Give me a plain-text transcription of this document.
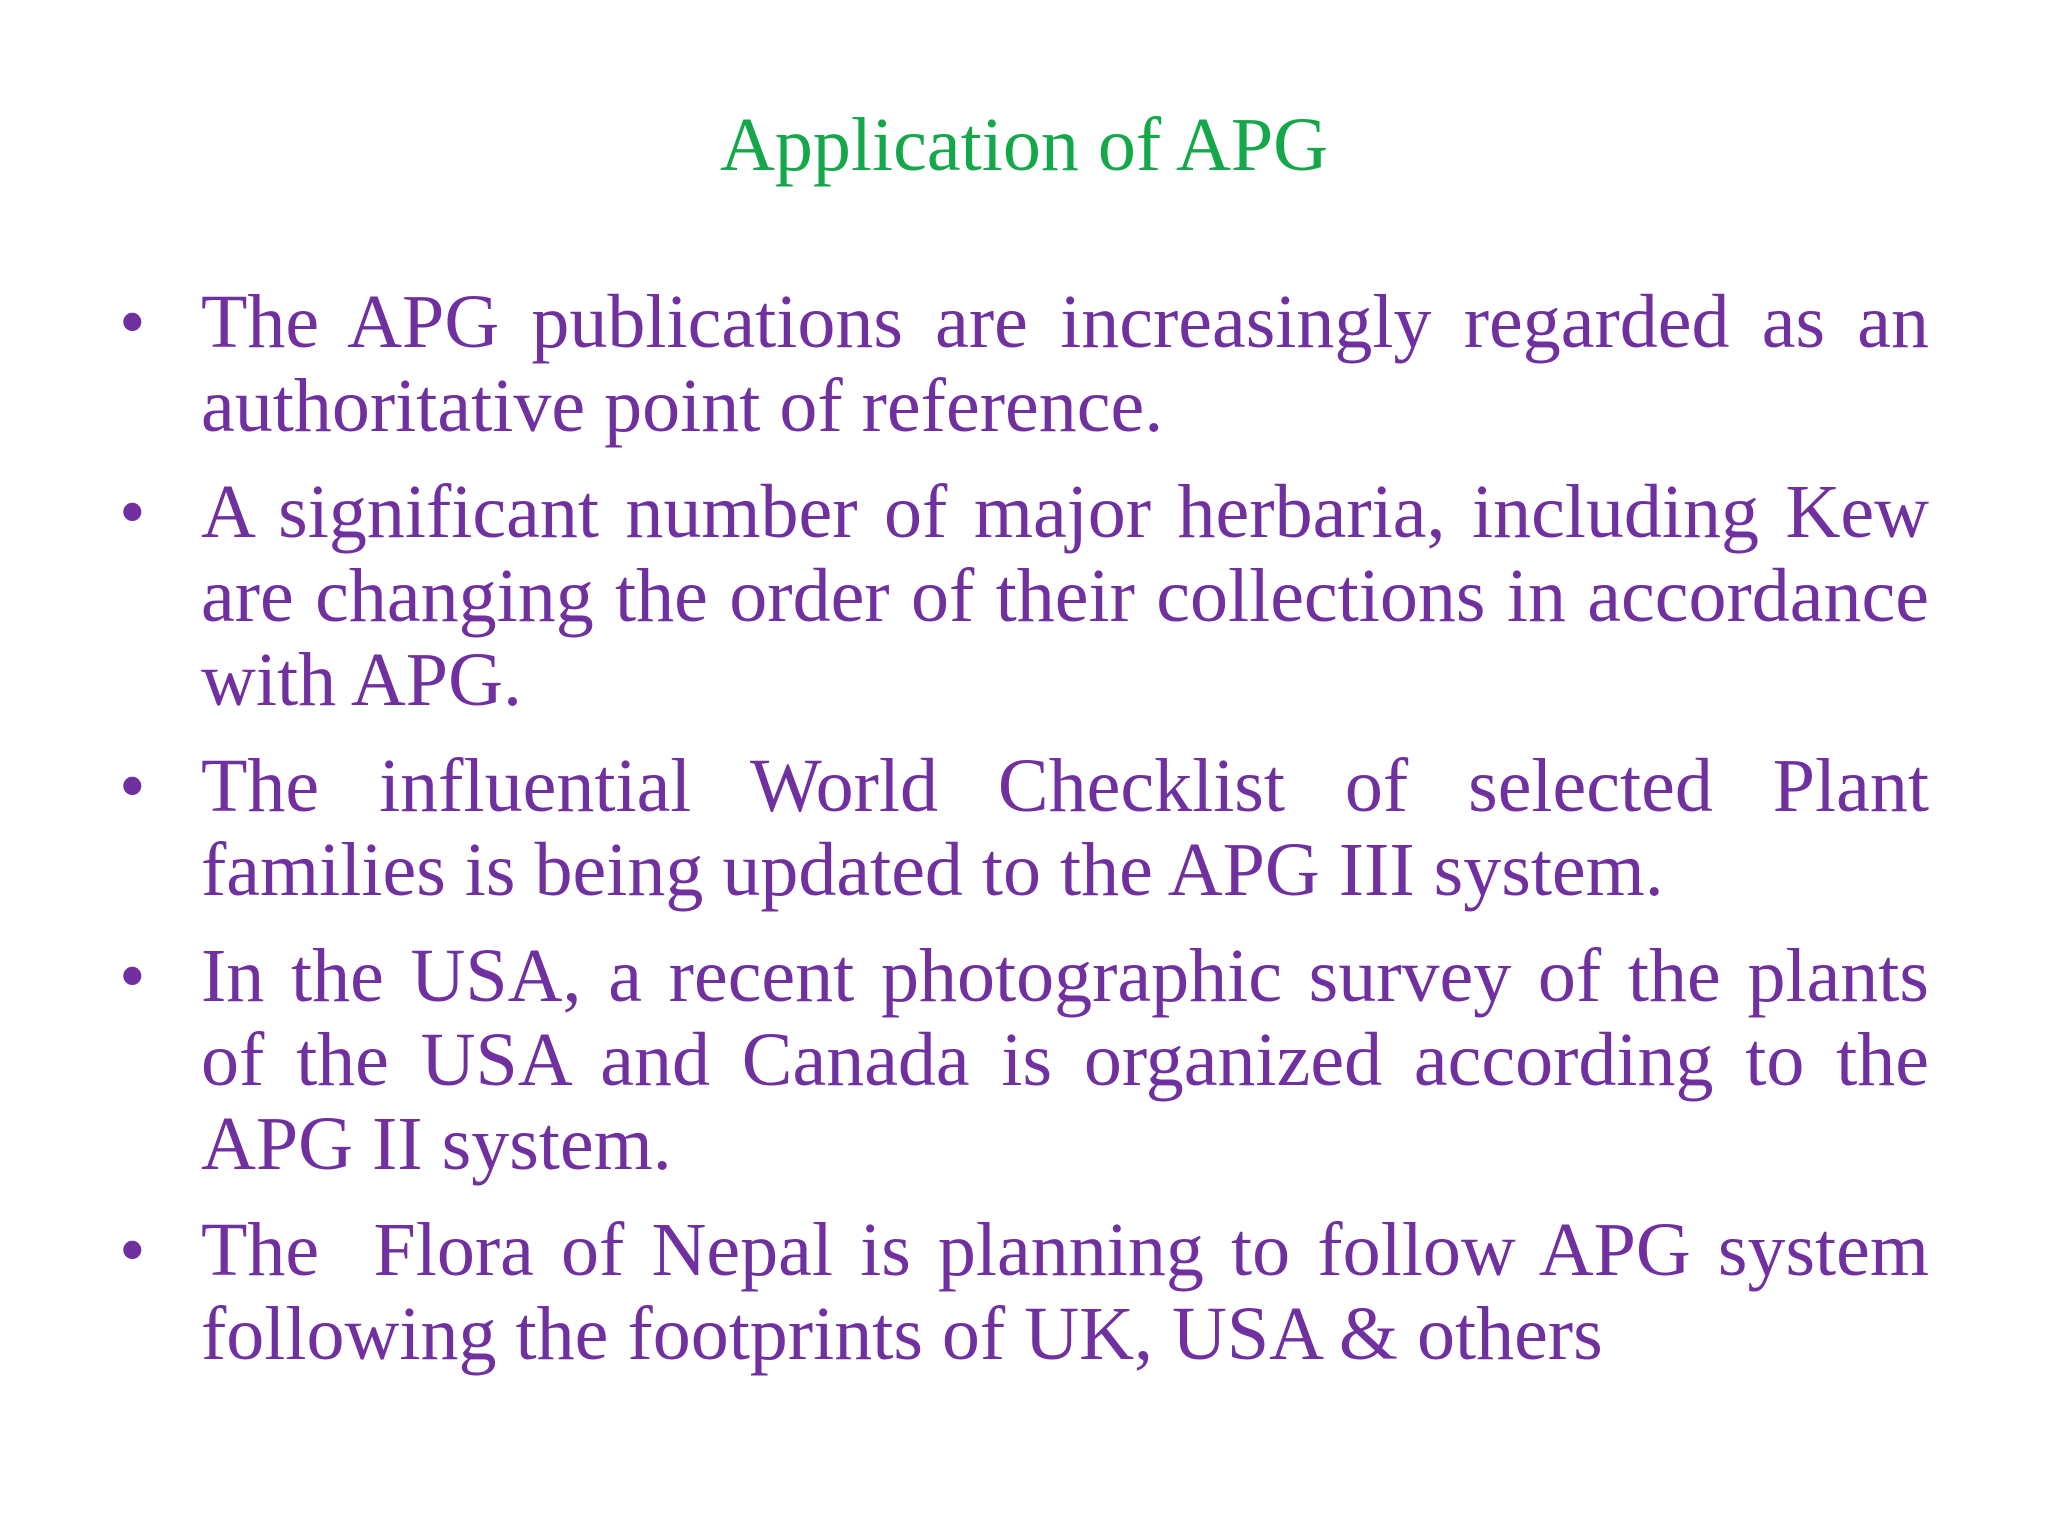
Application of APG
• The APG publications are increasingly regarded as an authoritative point of reference.
• A significant number of major herbaria, including Kew are changing the order of their collections in accordance with APG.
• The influential World Checklist of selected Plant families is being updated to the APG III system.
• In the USA, a recent photographic survey of the plants of the USA and Canada is organized according to the APG II system.
• The  Flora of Nepal is planning to follow APG system following the footprints of UK, USA & others
